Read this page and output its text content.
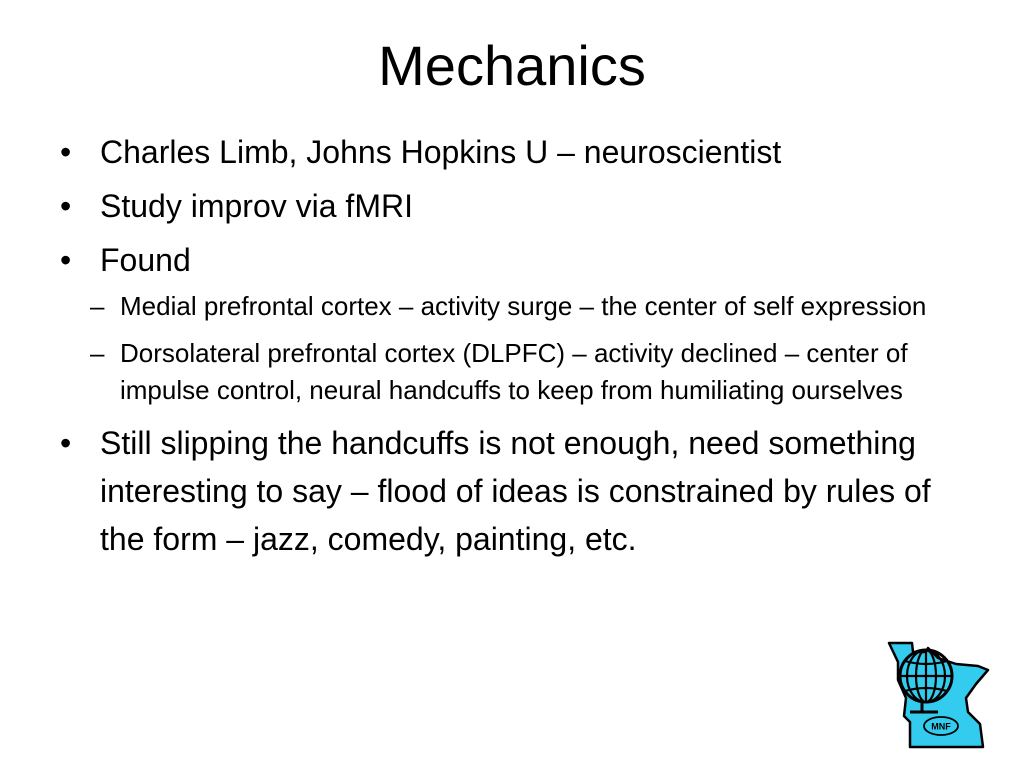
Mechanics
• Charles Limb, Johns Hopkins U – neuroscientist
• Study improv via fMRI
• Found
– Medial prefrontal cortex – activity surge – the center of self expression
– Dorsolateral prefrontal cortex (DLPFC) – activity declined – center of impulse control, neural handcuffs to keep from humiliating ourselves
• Still slipping the handcuffs is not enough, need something interesting to say – flood of ideas is constrained by rules of the form – jazz, comedy, painting, etc.
MNF
